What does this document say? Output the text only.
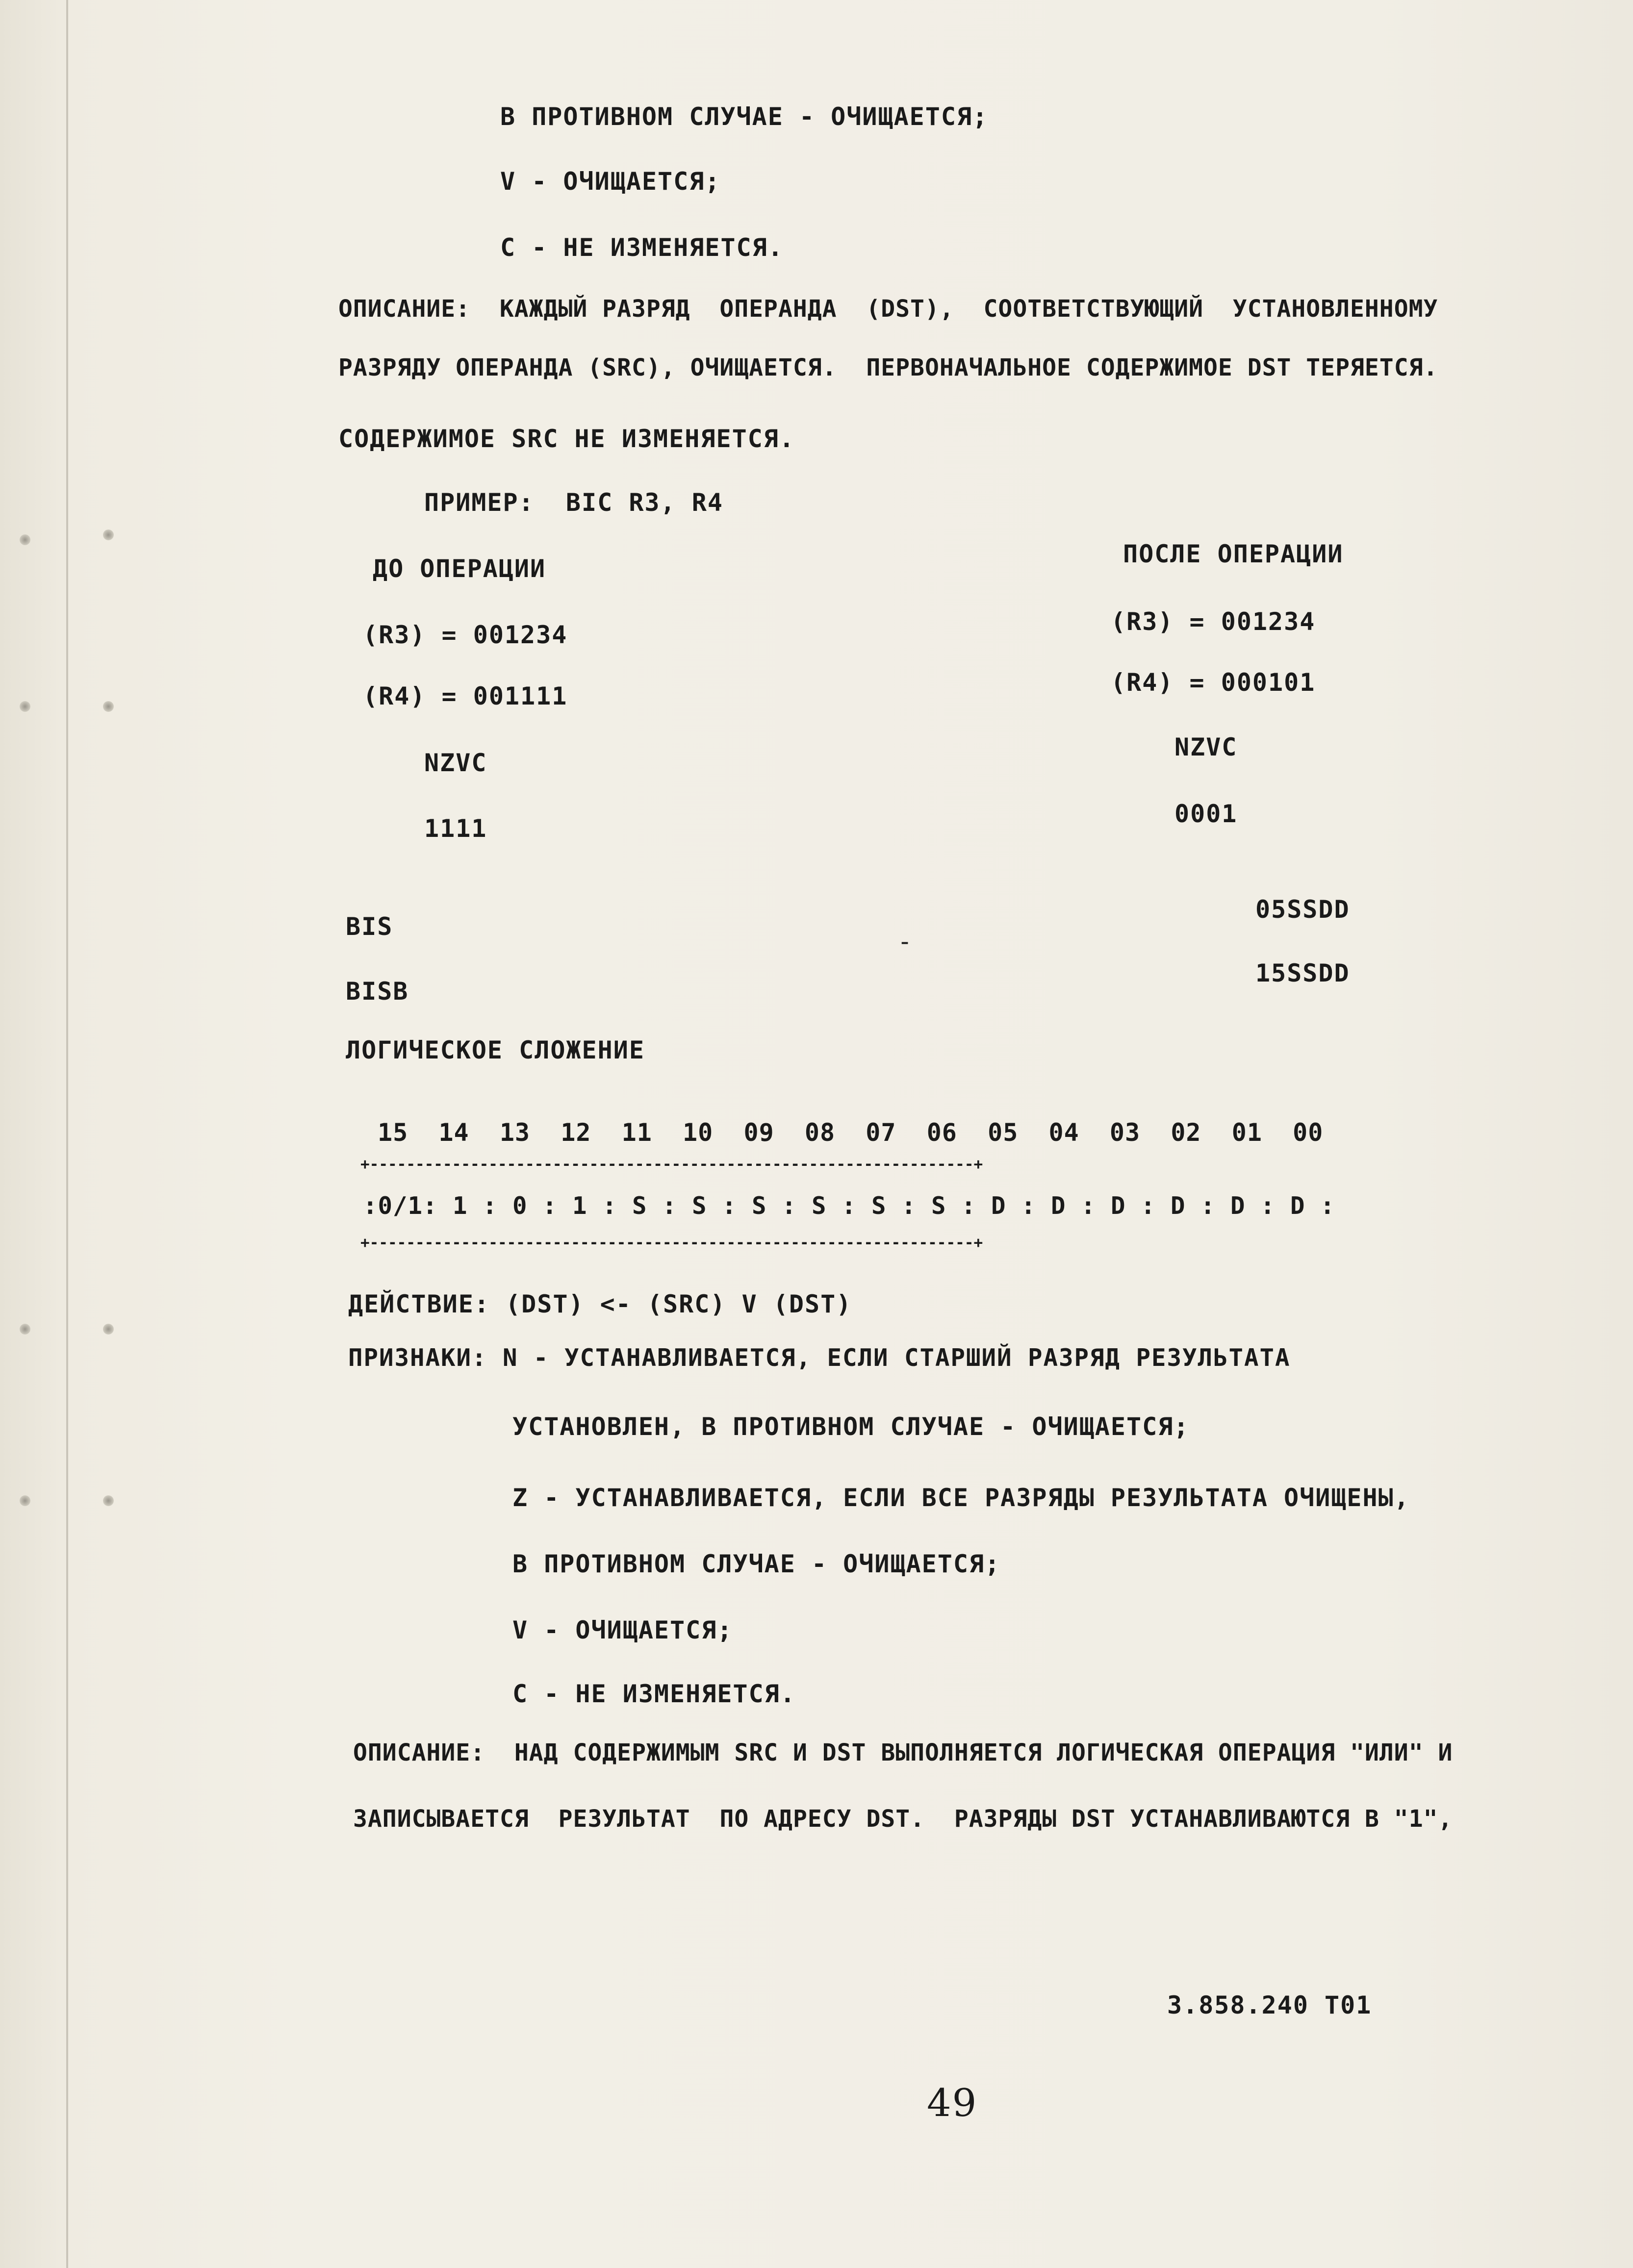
В ПРОТИВНОМ СЛУЧАЕ - ОЧИЩАЕТСЯ;
V - ОЧИЩАЕТСЯ;
C - НЕ ИЗМЕНЯЕТСЯ.
ОПИСАНИЕ:  КАЖДЫЙ РАЗРЯД  ОПЕРАНДА  (DST),  СООТВЕТСТВУЮЩИЙ  УСТАНОВЛЕННОМУ
РАЗРЯДУ ОПЕРАНДА (SRC), ОЧИЩАЕТСЯ.  ПЕРВОНАЧАЛЬНОЕ СОДЕРЖИМОЕ DST ТЕРЯЕТСЯ.
СОДЕРЖИМОЕ SRC НЕ ИЗМЕНЯЕТСЯ.
ПРИМЕР:  BIC R3, R4
ДО ОПЕРАЦИИ
ПОСЛЕ ОПЕРАЦИИ
(R3) = 001234	(R3) = 001234
(R4) = 001111	(R4) = 000101
NZVC
NZVC
1111
0001
BIS
-
05SSDD
BISB
15SSDD
ЛОГИЧЕСКОЕ СЛОЖЕНИЕ
15  14  13  12  11  10  09  08  07  06  05  04  03  02  01  00
+------------------------------------------------------------------+
:0/1: 1 : 0 : 1 : S : S : S : S : S : S : D : D : D : D : D : D :
+------------------------------------------------------------------+
ДЕЙСТВИЕ: (DST) <- (SRC) V (DST)
ПРИЗНАКИ: N - УСТАНАВЛИВАЕТСЯ, ЕСЛИ СТАРШИЙ РАЗРЯД РЕЗУЛЬТАТА
УСТАНОВЛЕН, В ПРОТИВНОМ СЛУЧАЕ - ОЧИЩАЕТСЯ;
Z - УСТАНАВЛИВАЕТСЯ, ЕСЛИ ВСЕ РАЗРЯДЫ РЕЗУЛЬТАТА ОЧИЩЕНЫ,
В ПРОТИВНОМ СЛУЧАЕ - ОЧИЩАЕТСЯ;
V - ОЧИЩАЕТСЯ;
C - НЕ ИЗМЕНЯЕТСЯ.
ОПИСАНИЕ:  НАД СОДЕРЖИМЫМ SRC И DST ВЫПОЛНЯЕТСЯ ЛОГИЧЕСКАЯ ОПЕРАЦИЯ "ИЛИ" И
ЗАПИСЫВАЕТСЯ  РЕЗУЛЬТАТ  ПО АДРЕСУ DST.  РАЗРЯДЫ DST УСТАНАВЛИВАЮТСЯ В "1",
3.858.240 Т01
49
